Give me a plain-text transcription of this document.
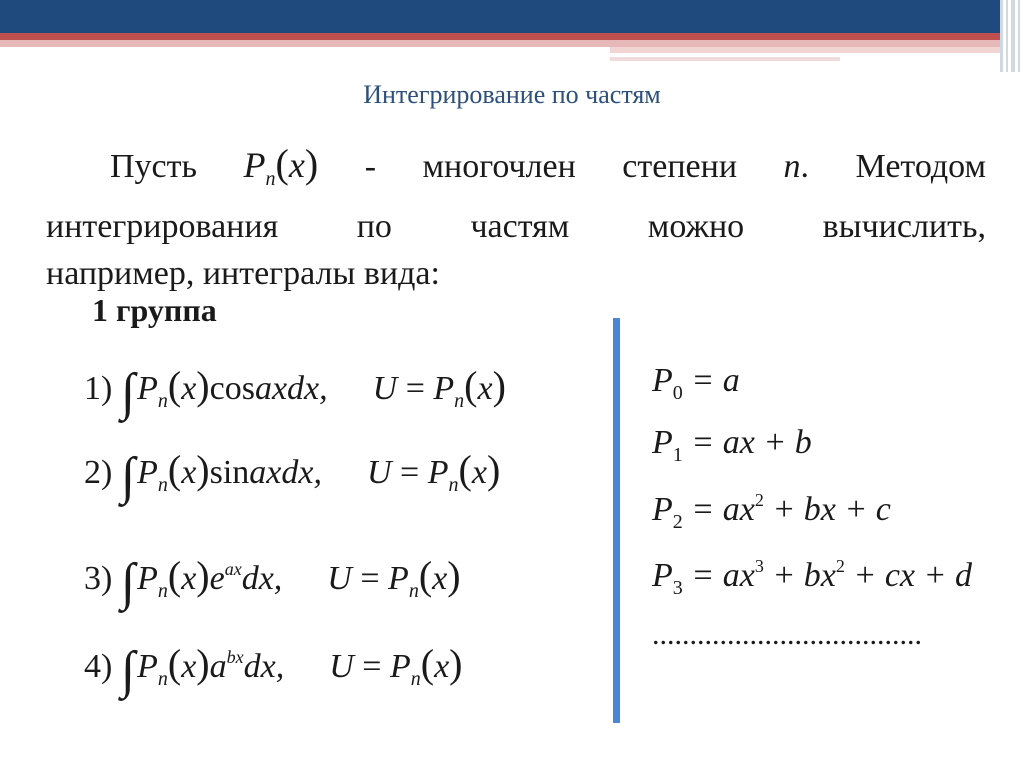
Интегрирование по частям
Пусть $P_n(x)$ - многочлен степени n. Методом
интегрирования по частям можно вычислить,
например, интегралы вида:
1 группа
1) $\int P_n(x)cosaxdx$, $U = P_n(x)$
2) $\int P_n(x)sinaxdx$, $U = P_n(x)$
3) $\int P_n(x)e^{ax}dx$, $U = P_n(x)$
4) $\int P_n(x)a^{bx}dx$, $U = P_n(x)$
$P_0 = a$
$P_1$ = ax + b
$P_2 = ax^2$ + bx + c
$P_3 = ax^3 + bx^2$ + cx + d
....................................
